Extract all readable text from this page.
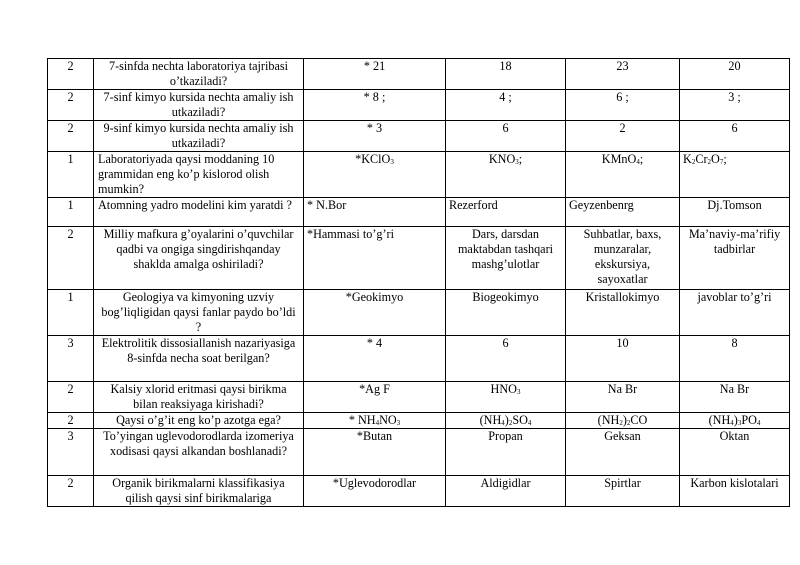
2	7-sinfda nechta laboratoriya tajribasi o’tkaziladi?	* 21	18	23	20
2	7-sinf kimyo kursida nechta amaliy ish utkaziladi?	* 8 ;	4 ;	6 ;	3 ;
2	9-sinf kimyo kursida nechta amaliy ish utkaziladi?	* 3	6	2	6
1	Laboratoriyada qaysi moddaning 10 grammidan eng ko’p kislorod olish mumkin?	*KClO$_3$	$KNO_3$;	KMnO$_4$;	$K_2Cr_2O_7$;
1	Atomning yadro modelini kim yaratdi ?	* N.Bor	Rezerford	Geyzenbenrg	Dj.Tomson
2	Milliy mafkura g’oyalarini o’quvchilar qadbi va ongiga singdirishqanday shaklda amalga oshiriladi?	*Hammasi to’g’ri	Dars, darsdan maktabdan tashqari mashg’ulotlar	Suhbatlar, baxs, munzaralar, ekskursiya, sayoxatlar	Ma’naviy-ma’rifiy tadbirlar
1	Geologiya va kimyoning uzviy bog’liqligidan qaysi fanlar paydo bo’ldi ?	*Geokimyo	Biogeokimyo	Kristallokimyo	javoblar to’g’ri
3	Elektrolitik dissosiallanish nazariyasiga 8-sinfda necha soat berilgan?	* 4	6	10	8
2	Kalsiy xlorid eritmasi qaysi birikma bilan reaksiyaga kirishadi?	*Ag F	$HNO_3$	Na Br	Na Br
2	Qaysi o’g’it eng ko’p azotga ega?	* $NH_4NO_3$	$(NH_4)_2SO_4$	$(NH_2)_2CO$	$(NH_4)_3PO_4$
3	To’yingan uglevodorodlarda izomeriya xodisasi qaysi alkandan boshlanadi?	*Butan	Propan	Geksan	Oktan
2	Organik birikmalarni klassifikasiya qilish qaysi sinf birikmalariga	*Uglevodorodlar	Aldigidlar	Spirtlar	Karbon kislotalari
